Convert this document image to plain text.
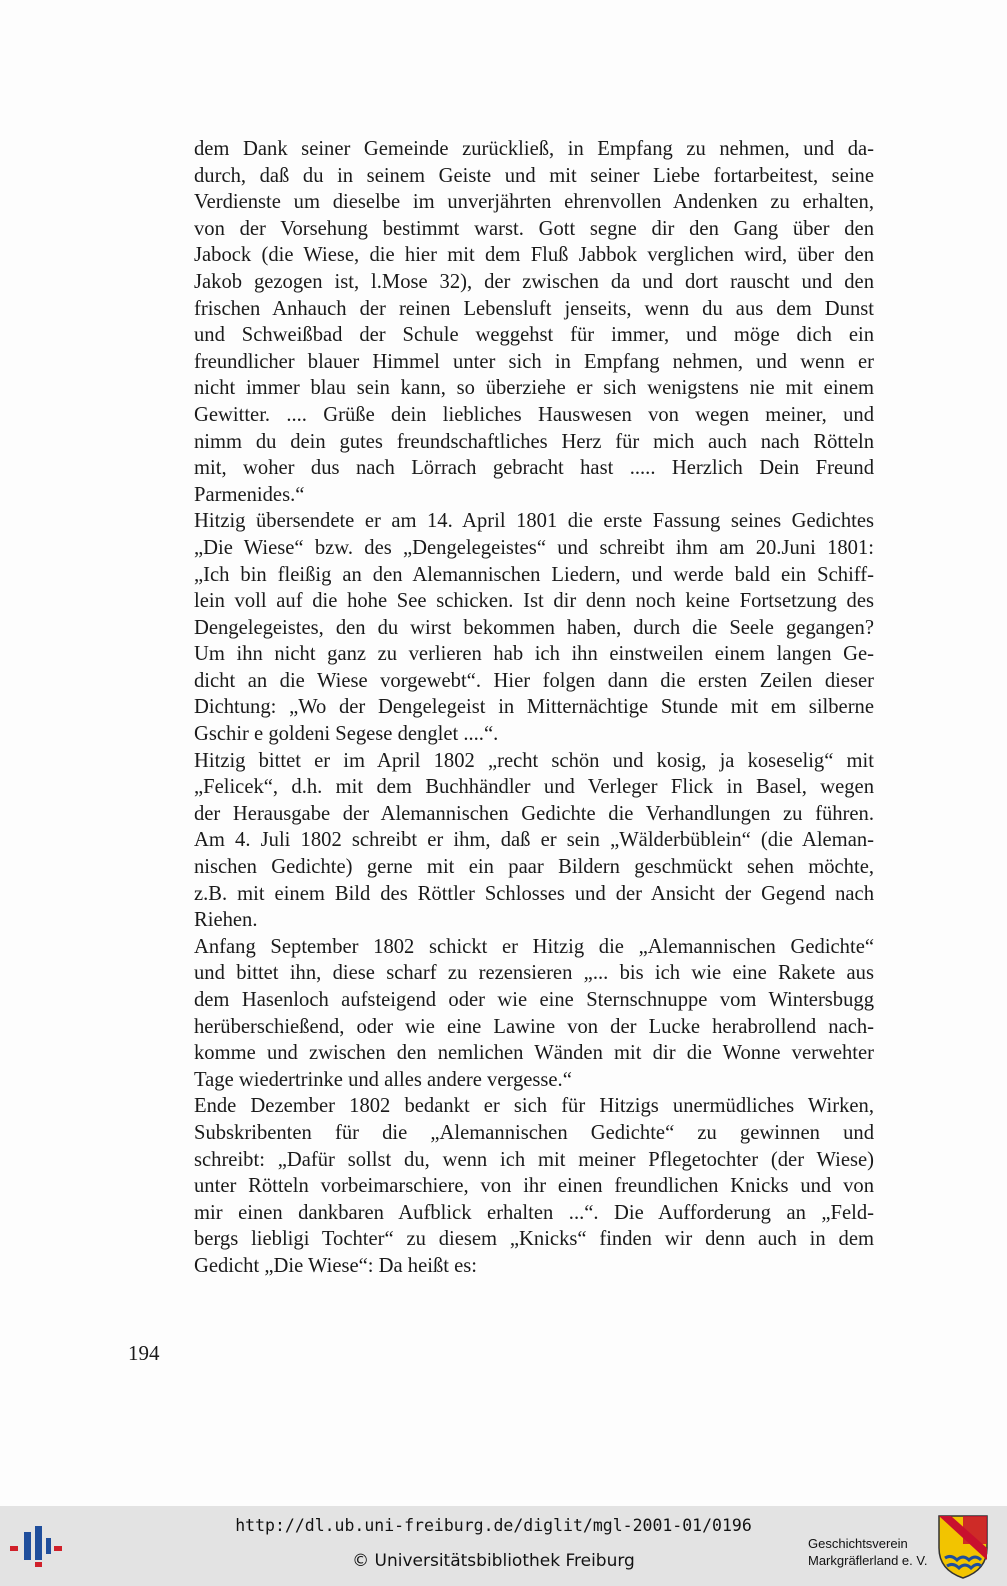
dem Dank seiner Gemeinde zurückließ, in Empfang zu nehmen, und da-
durch, daß du in seinem Geiste und mit seiner Liebe fortarbeitest, seine
Verdienste um dieselbe im unverjährten ehrenvollen Andenken zu erhalten,
von der Vorsehung bestimmt warst. Gott segne dir den Gang über den
Jabock (die Wiese, die hier mit dem Fluß Jabbok verglichen wird, über den
Jakob gezogen ist, l.Mose 32), der zwischen da und dort rauscht und den
frischen Anhauch der reinen Lebensluft jenseits, wenn du aus dem Dunst
und Schweißbad der Schule weggehst für immer, und möge dich ein
freundlicher blauer Himmel unter sich in Empfang nehmen, und wenn er
nicht immer blau sein kann, so überziehe er sich wenigstens nie mit einem
Gewitter. .... Grüße dein liebliches Hauswesen von wegen meiner, und
nimm du dein gutes freundschaftliches Herz für mich auch nach Rötteln
mit, woher dus nach Lörrach gebracht hast ..... Herzlich Dein Freund
Parmenides.“
Hitzig übersendete er am 14. April 1801 die erste Fassung seines Gedichtes
„Die Wiese“ bzw. des „Dengelegeistes“ und schreibt ihm am 20.Juni 1801:
„Ich bin fleißig an den Alemannischen Liedern, und werde bald ein Schiff-
lein voll auf die hohe See schicken. Ist dir denn noch keine Fortsetzung des
Dengelegeistes, den du wirst bekommen haben, durch die Seele gegangen?
Um ihn nicht ganz zu verlieren hab ich ihn einstweilen einem langen Ge-
dicht an die Wiese vorgewebt“. Hier folgen dann die ersten Zeilen dieser
Dichtung: „Wo der Dengelegeist in Mitternächtige Stunde mit em silberne
Gschir e goldeni Segese denglet ....“.
Hitzig bittet er im April 1802 „recht schön und kosig, ja koseselig“ mit
„Felicek“, d.h. mit dem Buchhändler und Verleger Flick in Basel, wegen
der Herausgabe der Alemannischen Gedichte die Verhandlungen zu führen.
Am 4. Juli 1802 schreibt er ihm, daß er sein „Wälderbüblein“ (die Aleman-
nischen Gedichte) gerne mit ein paar Bildern geschmückt sehen möchte,
z.B. mit einem Bild des Röttler Schlosses und der Ansicht der Gegend nach
Riehen.
Anfang September 1802 schickt er Hitzig die „Alemannischen Gedichte“
und bittet ihn, diese scharf zu rezensieren „... bis ich wie eine Rakete aus
dem Hasenloch aufsteigend oder wie eine Sternschnuppe vom Wintersbugg
herüberschießend, oder wie eine Lawine von der Lucke herabrollend nach-
komme und zwischen den nemlichen Wänden mit dir die Wonne verwehter
Tage wiedertrinke und alles andere vergesse.“
Ende Dezember 1802 bedankt er sich für Hitzigs unermüdliches Wirken,
Subskribenten für die „Alemannischen Gedichte“ zu gewinnen und
schreibt: „Dafür sollst du, wenn ich mit meiner Pflegetochter (der Wiese)
unter Rötteln vorbeimarschiere, von ihr einen freundlichen Knicks und von
mir einen dankbaren Aufblick erhalten ...“. Die Aufforderung an „Feld-
bergs liebligi Tochter“ zu diesem „Knicks“ finden wir denn auch in dem
Gedicht „Die Wiese“: Da heißt es:
194
http://dl.ub.uni-freiburg.de/diglit/mgl-2001-01/0196
© Universitätsbibliothek Freiburg
Geschichtsverein
Markgräflerland e. V.
